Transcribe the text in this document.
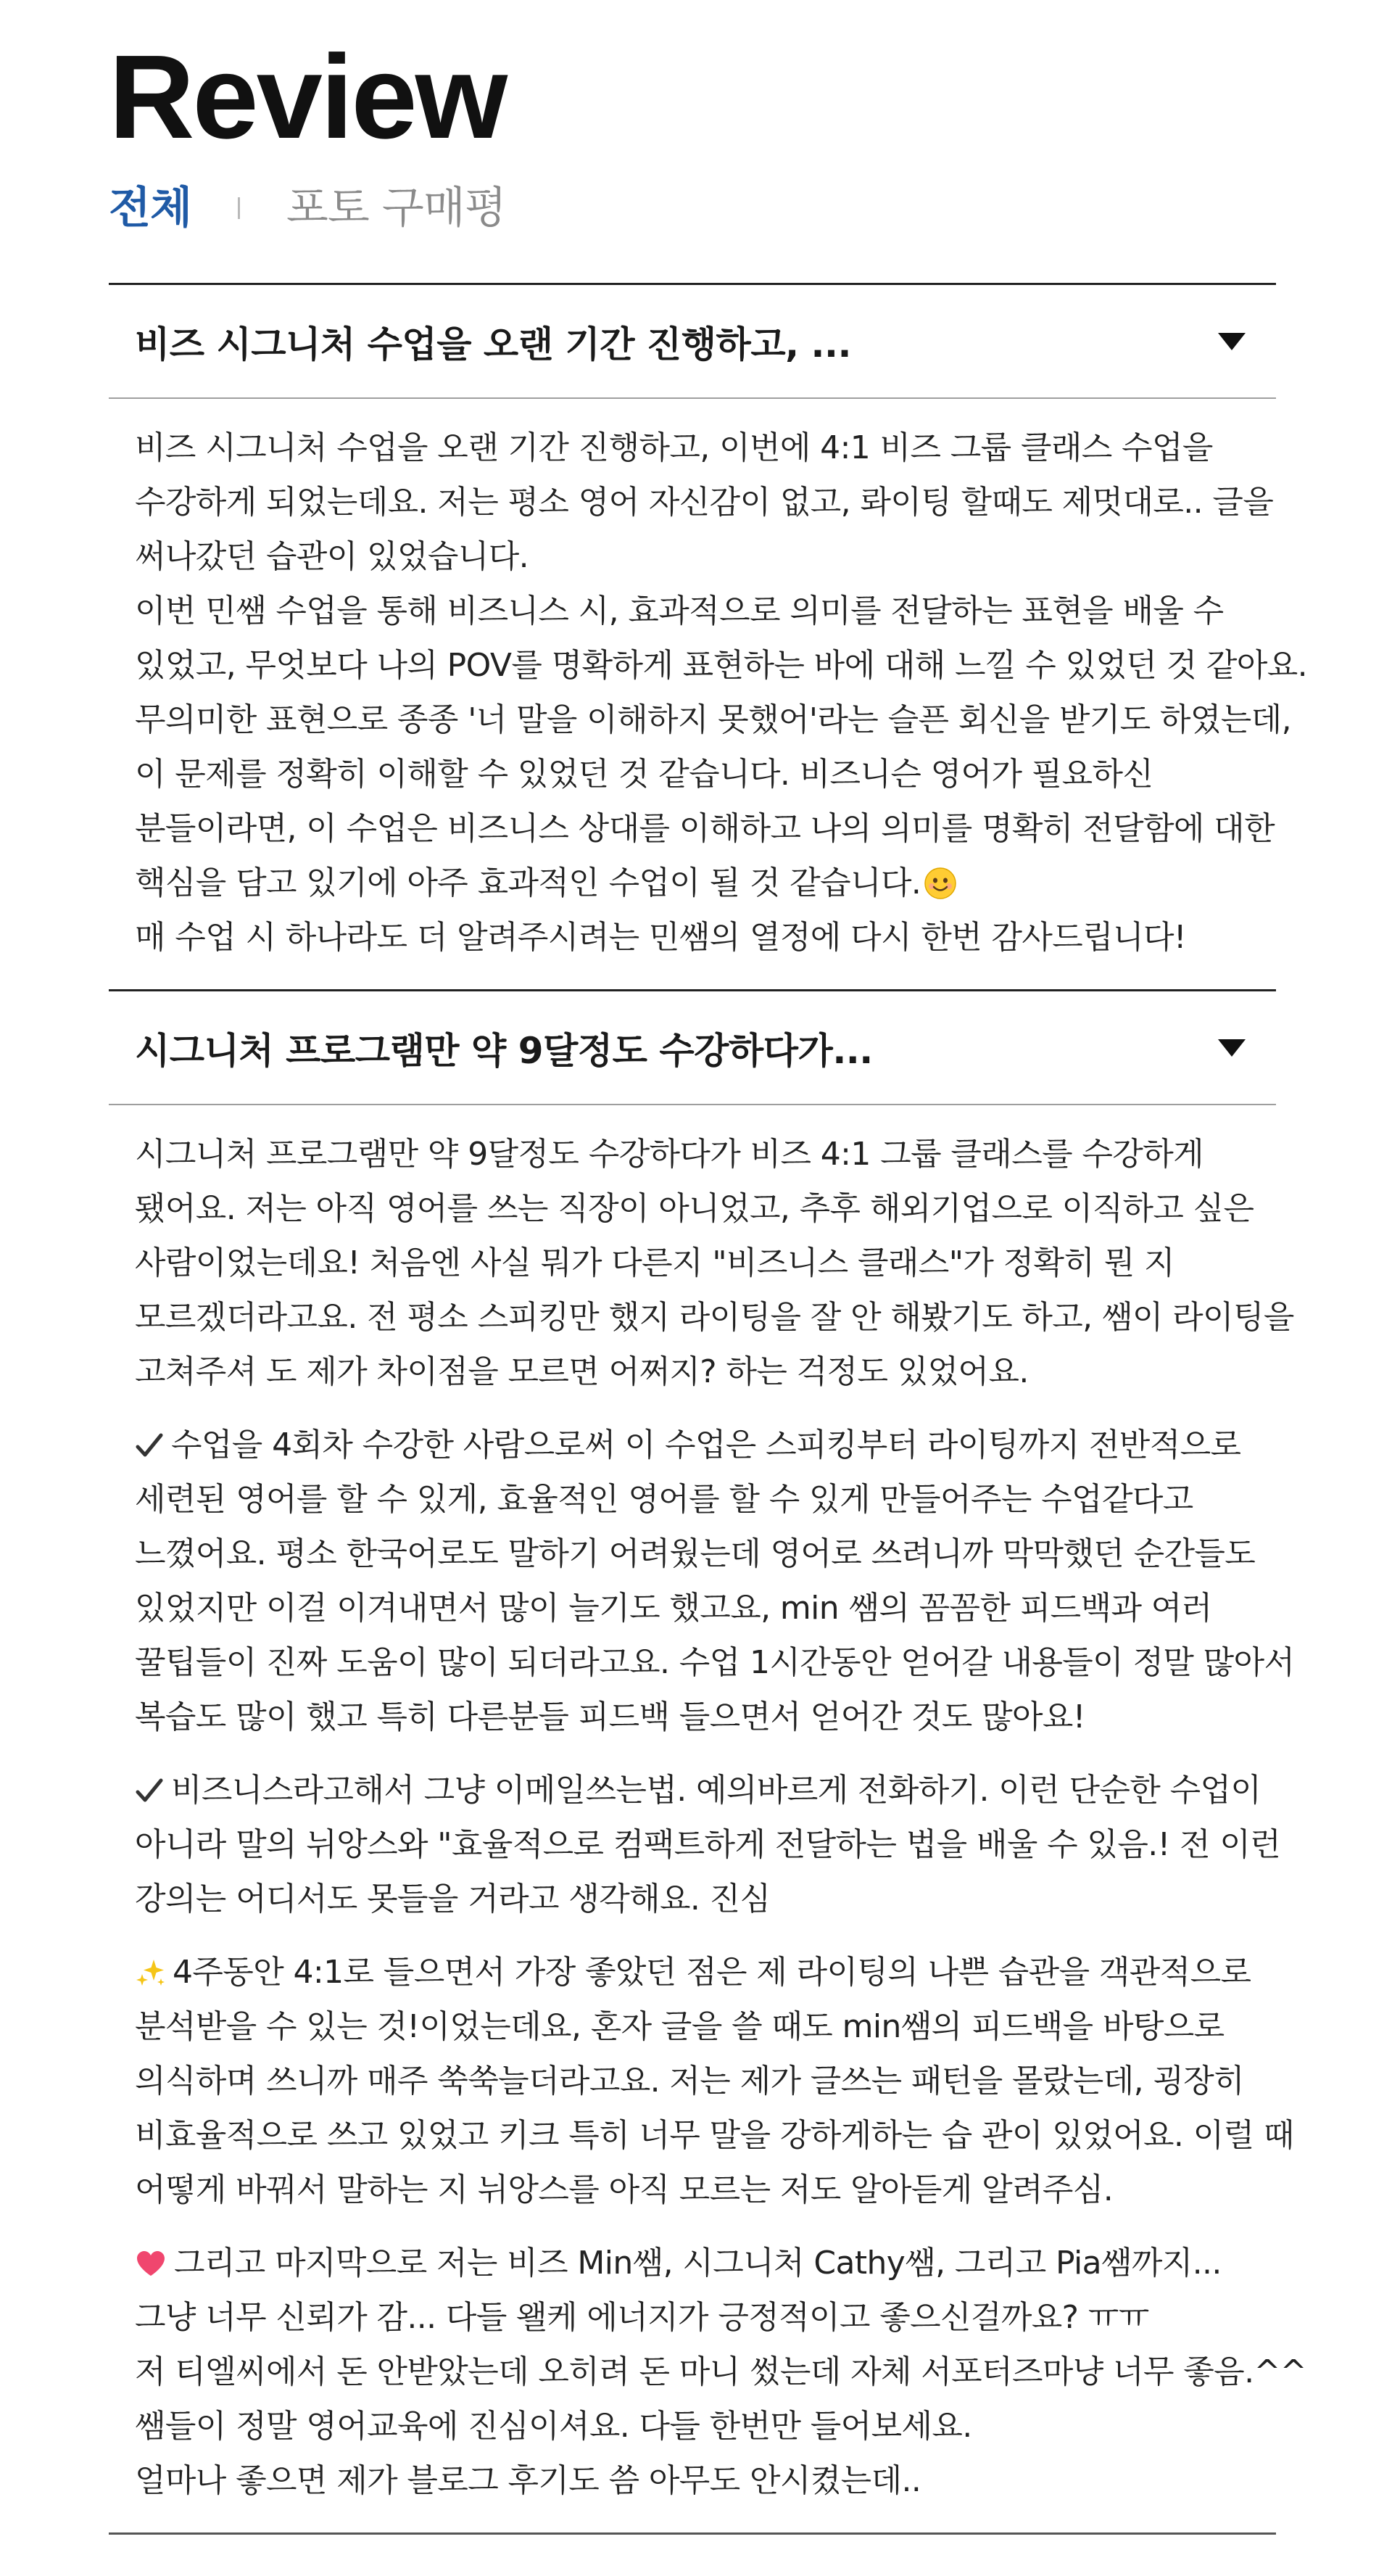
Review
전체 포토 구매평
비즈 시그니처 수업을 오랜 기간 진행하고, ...
비즈 시그니처 수업을 오랜 기간 진행하고, 이번에 4:1 비즈 그룹 클래스 수업을
수강하게 되었는데요. 저는 평소 영어 자신감이 없고, 롸이팅 할때도 제멋대로.. 글을
써나갔던 습관이 있었습니다.
이번 민쌤 수업을 통해 비즈니스 시, 효과적으로 의미를 전달하는 표현을 배울 수
있었고, 무엇보다 나의 POV를 명확하게 표현하는 바에 대해 느낄 수 있었던 것 같아요.
무의미한 표현으로 종종 '너 말을 이해하지 못했어'라는 슬픈 회신을 받기도 하였는데,
이 문제를 정확히 이해할 수 있었던 것 같습니다. 비즈니슨 영어가 필요하신
분들이라면, 이 수업은 비즈니스 상대를 이해하고 나의 의미를 명확히 전달함에 대한
핵심을 담고 있기에 아주 효과적인 수업이 될 것 같습니다.
매 수업 시 하나라도 더 알려주시려는 민쌤의 열정에 다시 한번 감사드립니다!
시그니처 프로그램만 약 9달정도 수강하다가...
시그니처 프로그램만 약 9달정도 수강하다가 비즈 4:1 그룹 클래스를 수강하게
됐어요. 저는 아직 영어를 쓰는 직장이 아니었고, 추후 해외기업으로 이직하고 싶은
사람이었는데요! 처음엔 사실 뭐가 다른지 "비즈니스 클래스"가 정확히 뭔 지
모르겠더라고요. 전 평소 스피킹만 했지 라이팅을 잘 안 해봤기도 하고, 쌤이 라이팅을
고쳐주셔 도 제가 차이점을 모르면 어쩌지? 하는 걱정도 있었어요.
수업을 4회차 수강한 사람으로써 이 수업은 스피킹부터 라이팅까지 전반적으로
세련된 영어를 할 수 있게, 효율적인 영어를 할 수 있게 만들어주는 수업같다고
느꼈어요. 평소 한국어로도 말하기 어려웠는데 영어로 쓰려니까 막막했던 순간들도
있었지만 이걸 이겨내면서 많이 늘기도 했고요, min 쌤의 꼼꼼한 피드백과 여러
꿀팁들이 진짜 도움이 많이 되더라고요. 수업 1시간동안 얻어갈 내용들이 정말 많아서
복습도 많이 했고 특히 다른분들 피드백 들으면서 얻어간 것도 많아요!
비즈니스라고해서 그냥 이메일쓰는법. 예의바르게 전화하기. 이런 단순한 수업이
아니라 말의 뉘앙스와 "효율적으로 컴팩트하게 전달하는 법을 배울 수 있음.! 전 이런
강의는 어디서도 못들을 거라고 생각해요. 진심
4주동안 4:1로 들으면서 가장 좋았던 점은 제 라이팅의 나쁜 습관을 객관적으로
분석받을 수 있는 것!이었는데요, 혼자 글을 쓸 때도 min쌤의 피드백을 바탕으로
의식하며 쓰니까 매주 쑥쑥늘더라고요. 저는 제가 글쓰는 패턴을 몰랐는데, 굉장히
비효율적으로 쓰고 있었고 키크 특히 너무 말을 강하게하는 습 관이 있었어요. 이럴 때
어떻게 바꿔서 말하는 지 뉘앙스를 아직 모르는 저도 알아듣게 알려주심.
그리고 마지막으로 저는 비즈 Min쌤, 시그니처 Cathy쌤, 그리고 Pia쌤까지...
그냥 너무 신뢰가 감... 다들 왤케 에너지가 긍정적이고 좋으신걸까요? ㅠㅠ
저 티엘씨에서 돈 안받았는데 오히려 돈 마니 썼는데 자체 서포터즈마냥 너무 좋음.^^
쌤들이 정말 영어교육에 진심이셔요. 다들 한번만 들어보세요.
얼마나 좋으면 제가 블로그 후기도 씀 아무도 안시켰는데..
